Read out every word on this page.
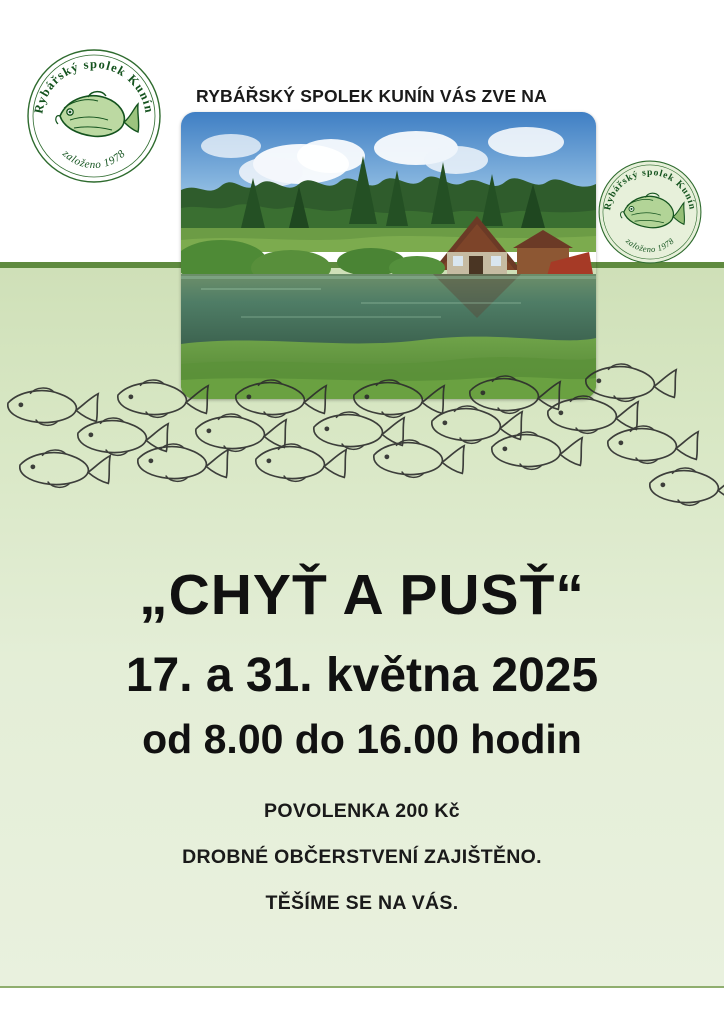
Rybářský spolek Kunín
založeno 1978
Rybářský spolek Kunín
založeno 1978
RYBÁŘSKÝ SPOLEK KUNÍN VÁS ZVE NA
„CHYŤ A PUSŤ“
17. a 31. května 2025
od 8.00 do 16.00 hodin
POVOLENKA 200 Kč
DROBNÉ OBČERSTVENÍ ZAJIŠTĚNO.
TĚŠÍME SE NA VÁS.
